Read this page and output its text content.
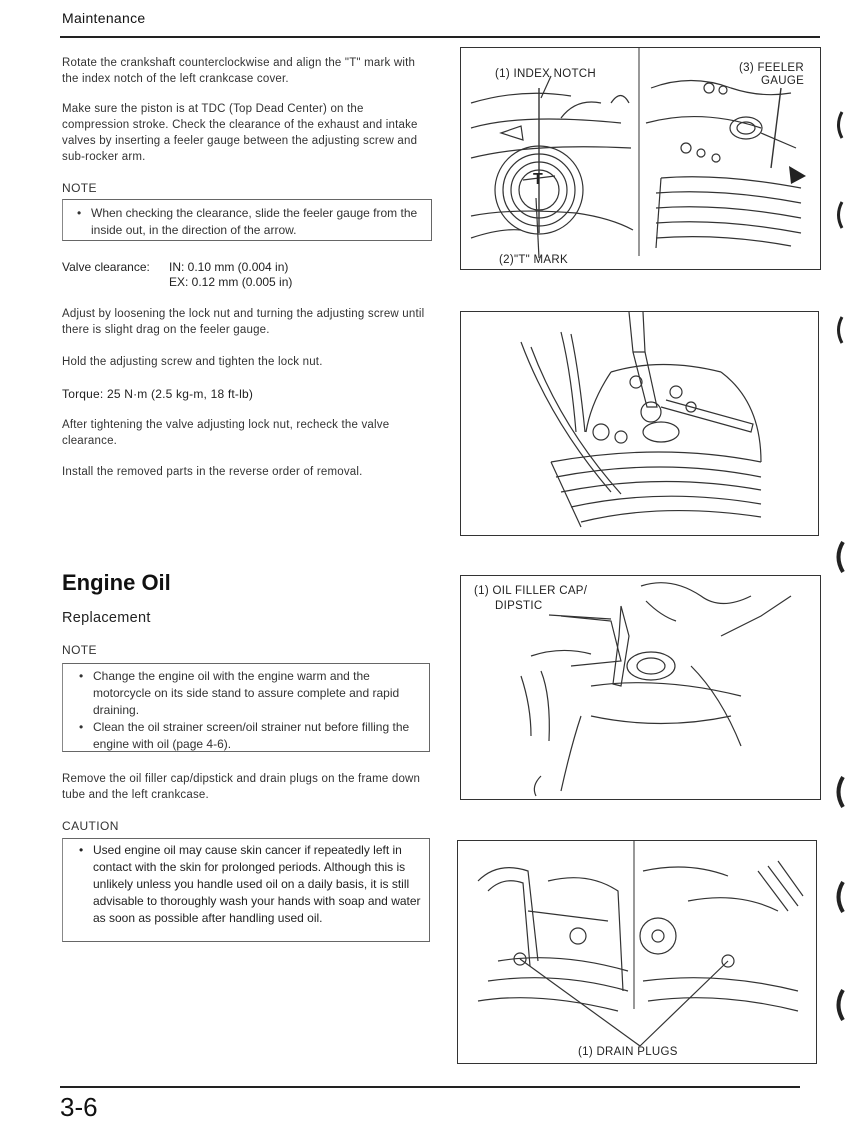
Maintenance
Rotate the crankshaft counterclockwise and align the "T" mark with the index notch of the left crankcase cover.
Make sure the piston is at TDC (Top Dead Center) on the compression stroke. Check the clearance of the exhaust and intake valves by inserting a feeler gauge between the adjusting screw and sub-rocker arm.
NOTE
• When checking the clearance, slide the feeler gauge from the inside out, in the direction of the arrow.
Valve clearance: IN: 0.10 mm (0.004 in)
EX: 0.12 mm (0.005 in)
Adjust by loosening the lock nut and turning the adjusting screw until there is slight drag on the feeler gauge.
Hold the adjusting screw and tighten the lock nut.
Torque: 25 N·m (2.5 kg-m, 18 ft-lb)
After tightening the valve adjusting lock nut, recheck the valve clearance.
Install the removed parts in the reverse order of removal.
Engine Oil
Replacement
NOTE
• Change the engine oil with the engine warm and the motorcycle on its side stand to assure complete and rapid draining.
• Clean the oil strainer screen/oil strainer nut before filling the engine with oil (page 4-6).
Remove the oil filler cap/dipstick and drain plugs on the frame down tube and the left crankcase.
CAUTION
• Used engine oil may cause skin cancer if repeatedly left in contact with the skin for prolonged periods. Although this is unlikely unless you handle used oil on a daily basis, it is still advisable to thoroughly wash your hands with soap and water as soon as possible after handling used oil.
(1) INDEX NOTCH	(3) FEELER
GAUGE
T
(2)"T" MARK
(1) OIL FILLER CAP/
DIPSTIC
(1) DRAIN PLUGS
3-6
